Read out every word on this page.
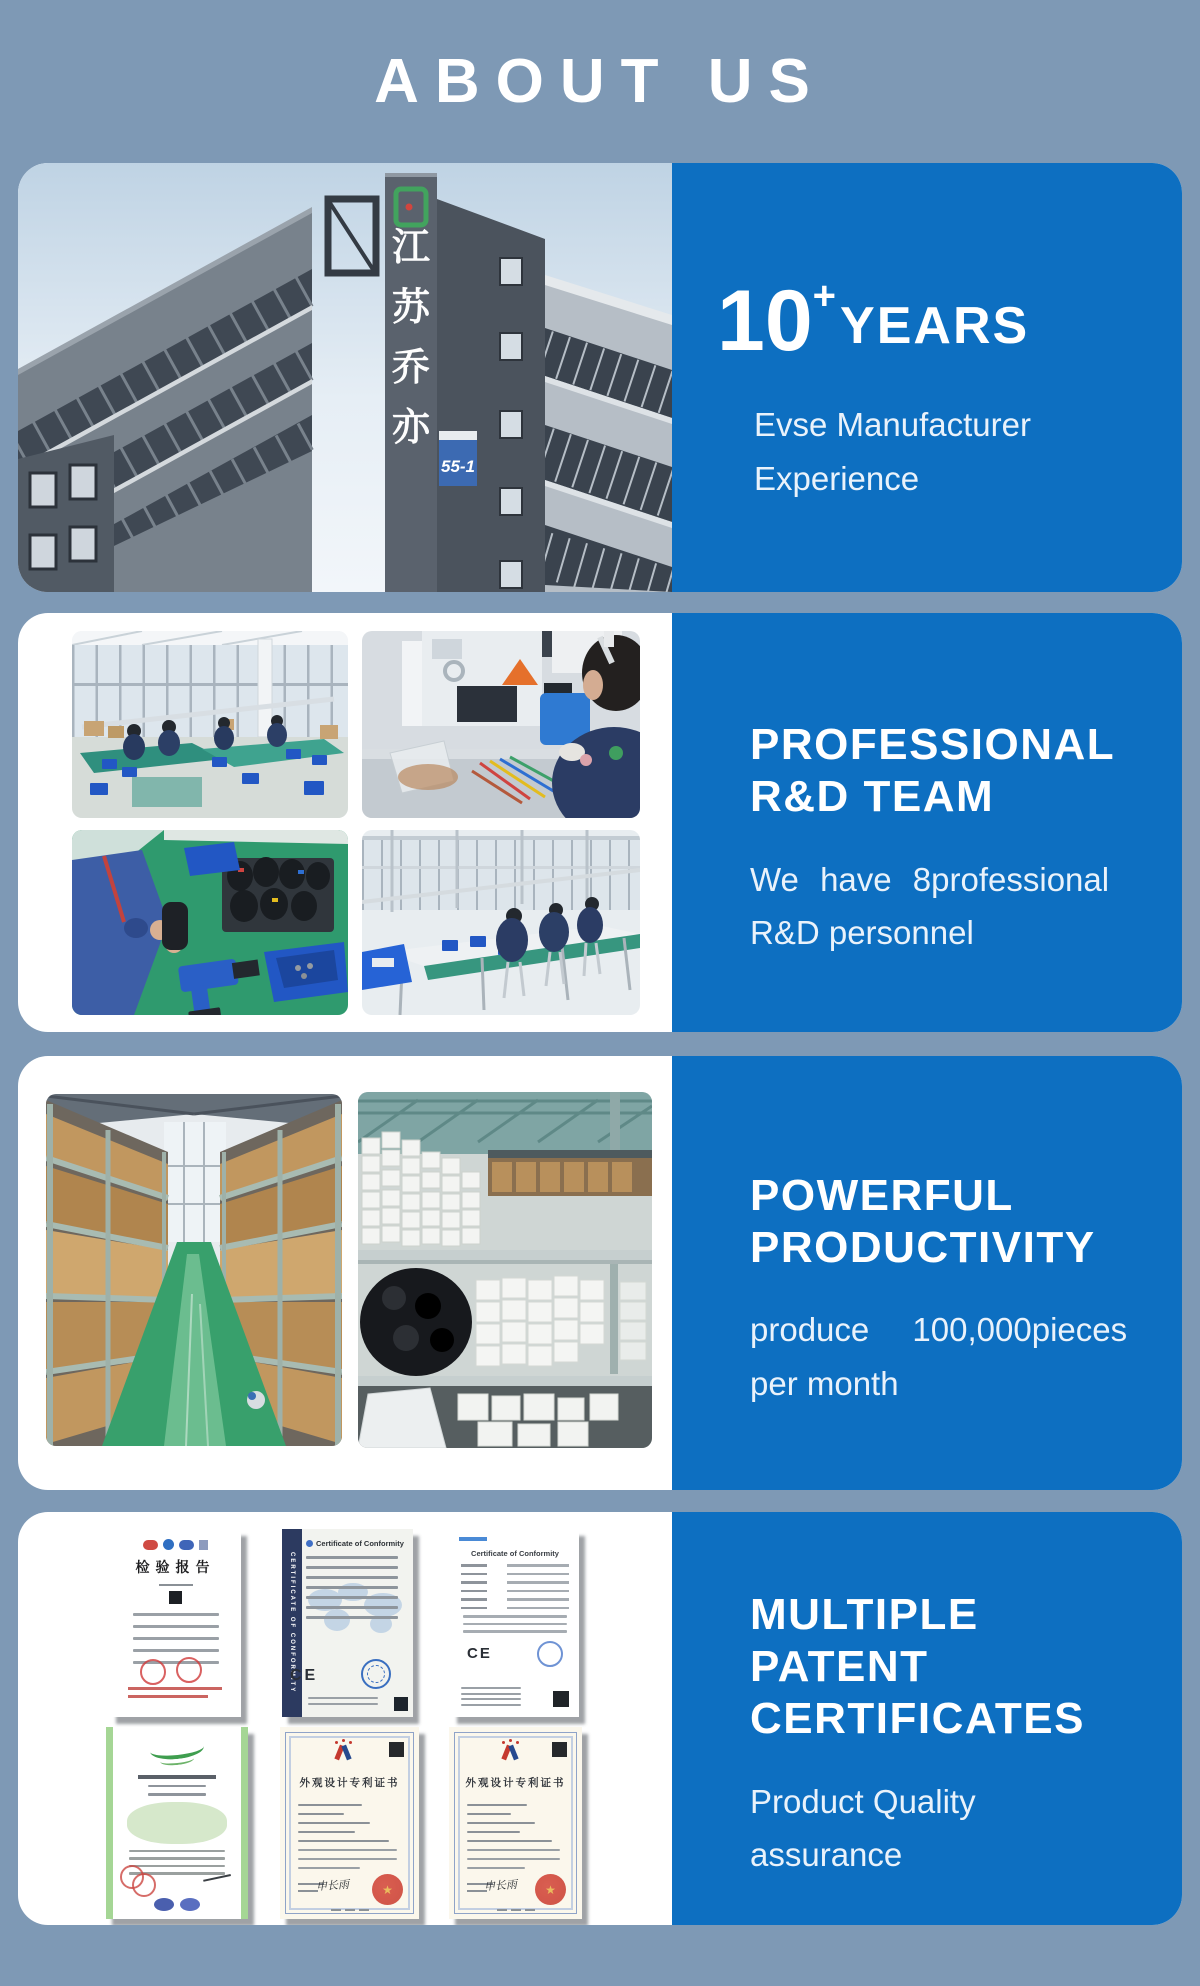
ABOUT US
江
苏
乔
亦
55-1
10 +
YEARS
Evse Manufacturer
Experience
PROFESSIONAL
R&D TEAM
We have 8professional
R&D personnel
POWERFUL
PRODUCTIVITY
produce 100,000pieces
per month
检验报告	CERTIFICATE OF CONFORMITY
Certificate of Conformity
CE
Certificate of Conformity
CE
外观设计专利证书
申长雨	★
外观设计专利证书
申长雨	★
MULTIPLE PATENT
CERTIFICATES
Product Quality
assurance
